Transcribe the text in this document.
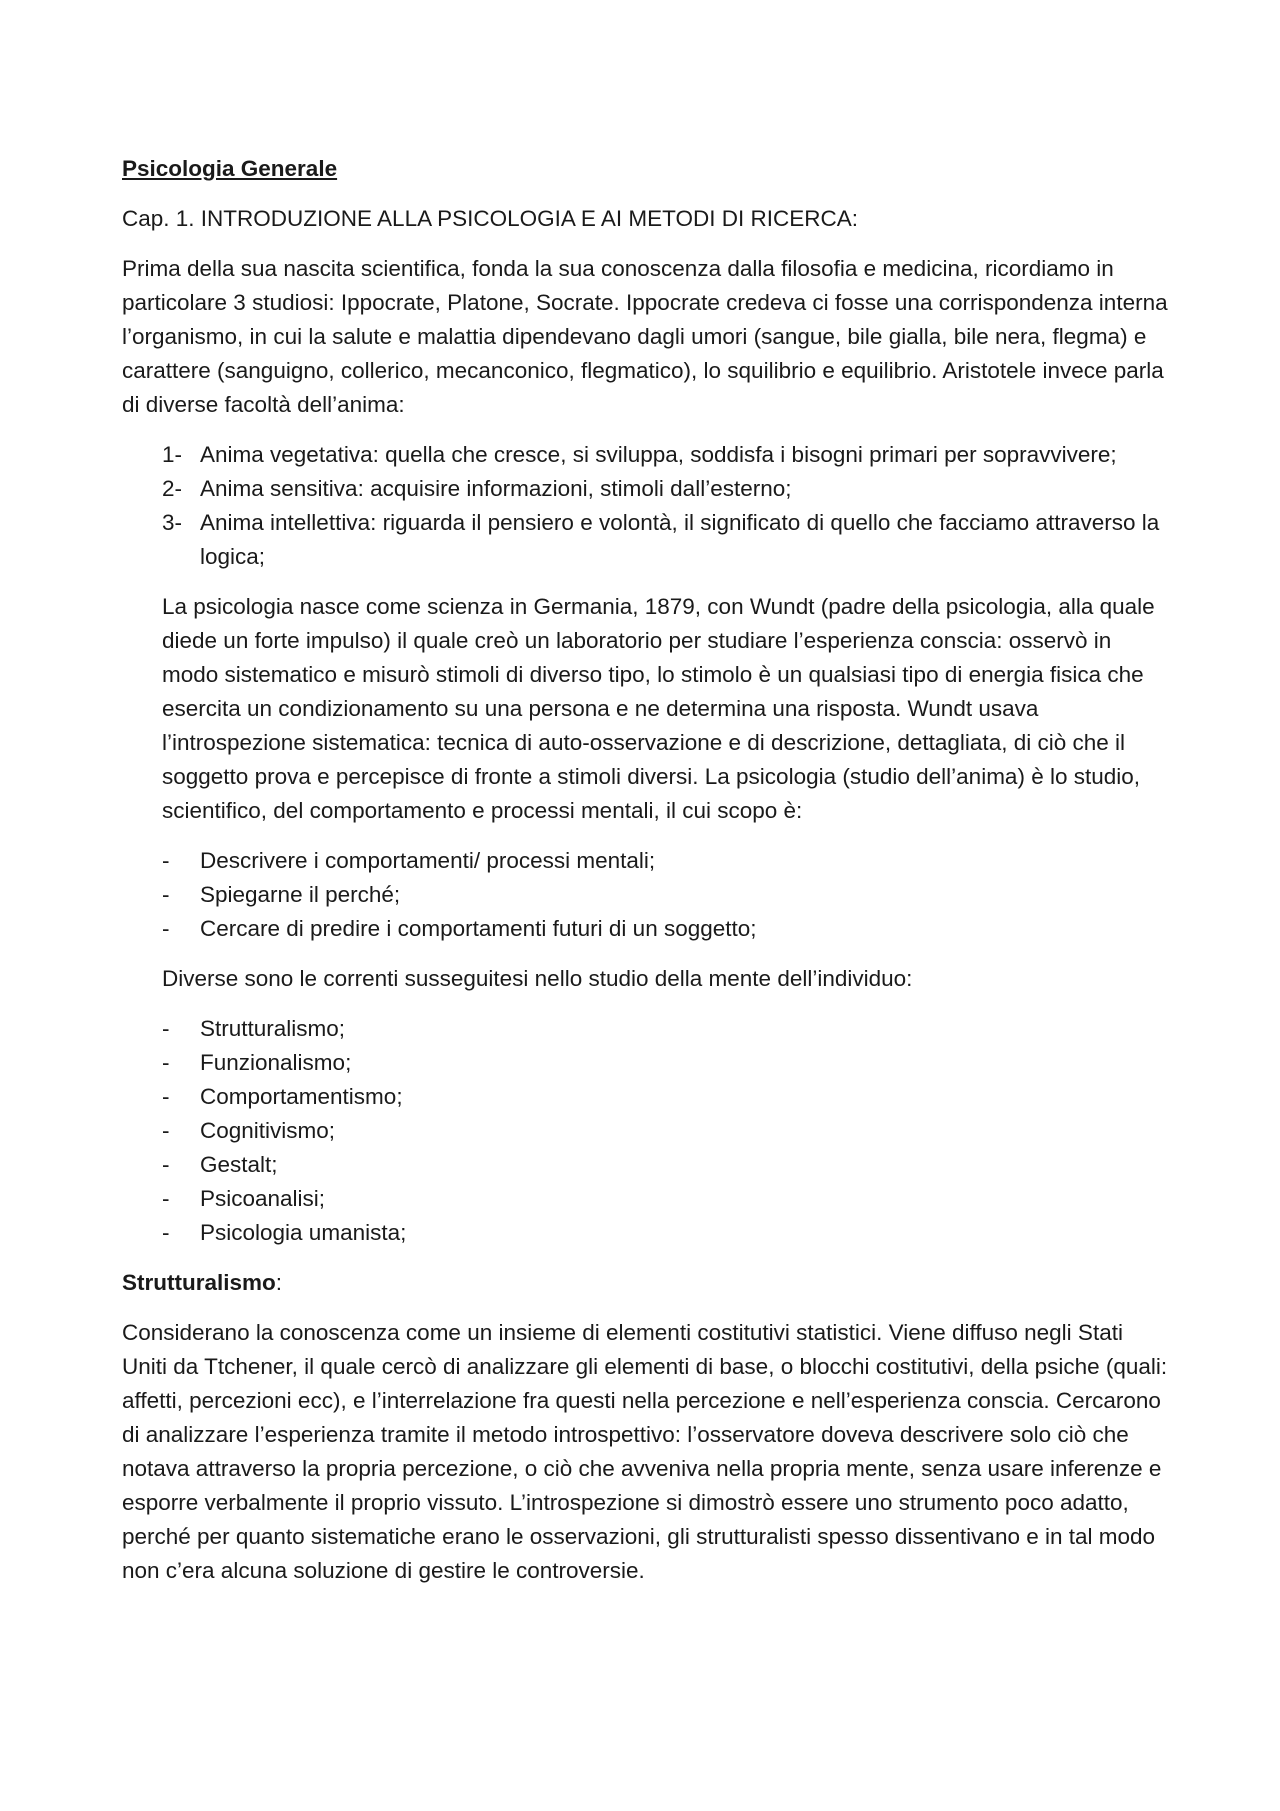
Psicologia Generale

Cap. 1. INTRODUZIONE ALLA PSICOLOGIA E AI METODI DI RICERCA:

Prima della sua nascita scientifica, fonda la sua conoscenza dalla filosofia e medicina, ricordiamo in particolare 3 studiosi: Ippocrate, Platone, Socrate. Ippocrate credeva ci fosse una corrispondenza interna l’organismo, in cui la salute e malattia dipendevano dagli umori (sangue, bile gialla, bile nera, flegma) e carattere (sanguigno, collerico, mecanconico, flegmatico), lo squilibrio e equilibrio. Aristotele invece parla di diverse facoltà dell’anima:

1- Anima vegetativa: quella che cresce, si sviluppa, soddisfa i bisogni primari per sopravvivere;
2- Anima sensitiva: acquisire informazioni, stimoli dall’esterno;
3- Anima intellettiva: riguarda il pensiero e volontà, il significato di quello che facciamo attraverso la logica;

La psicologia nasce come scienza in Germania, 1879, con Wundt (padre della psicologia, alla quale diede un forte impulso) il quale creò un laboratorio per studiare l’esperienza conscia: osservò in modo sistematico e misurò stimoli di diverso tipo, lo stimolo è un qualsiasi tipo di energia fisica che esercita un condizionamento su una persona e ne determina una risposta. Wundt usava l’introspezione sistematica: tecnica di auto-osservazione e di descrizione, dettagliata, di ciò che il soggetto prova e percepisce di fronte a stimoli diversi. La psicologia (studio dell’anima) è lo studio, scientifico, del comportamento e processi mentali, il cui scopo è:

- Descrivere i comportamenti/ processi mentali;
- Spiegarne il perché;
- Cercare di predire i comportamenti futuri di un soggetto;

Diverse sono le correnti susseguitesi nello studio della mente dell’individuo:

- Strutturalismo;
- Funzionalismo;
- Comportamentismo;
- Cognitivismo;
- Gestalt;
- Psicoanalisi;
- Psicologia umanista;

Strutturalismo:

Considerano la conoscenza come un insieme di elementi costitutivi statistici. Viene diffuso negli Stati Uniti da Ttchener, il quale cercò di analizzare gli elementi di base, o blocchi costitutivi, della psiche (quali: affetti, percezioni ecc), e l’interrelazione fra questi nella percezione e nell’esperienza conscia. Cercarono di analizzare l’esperienza tramite il metodo introspettivo: l’osservatore doveva descrivere solo ciò che notava attraverso la propria percezione, o ciò che avveniva nella propria mente, senza usare inferenze e esporre verbalmente il proprio vissuto. L’introspezione si dimostrò essere uno strumento poco adatto, perché per quanto sistematiche erano le osservazioni, gli strutturalisti spesso dissentivano e in tal modo non c’era alcuna soluzione di gestire le controversie.
